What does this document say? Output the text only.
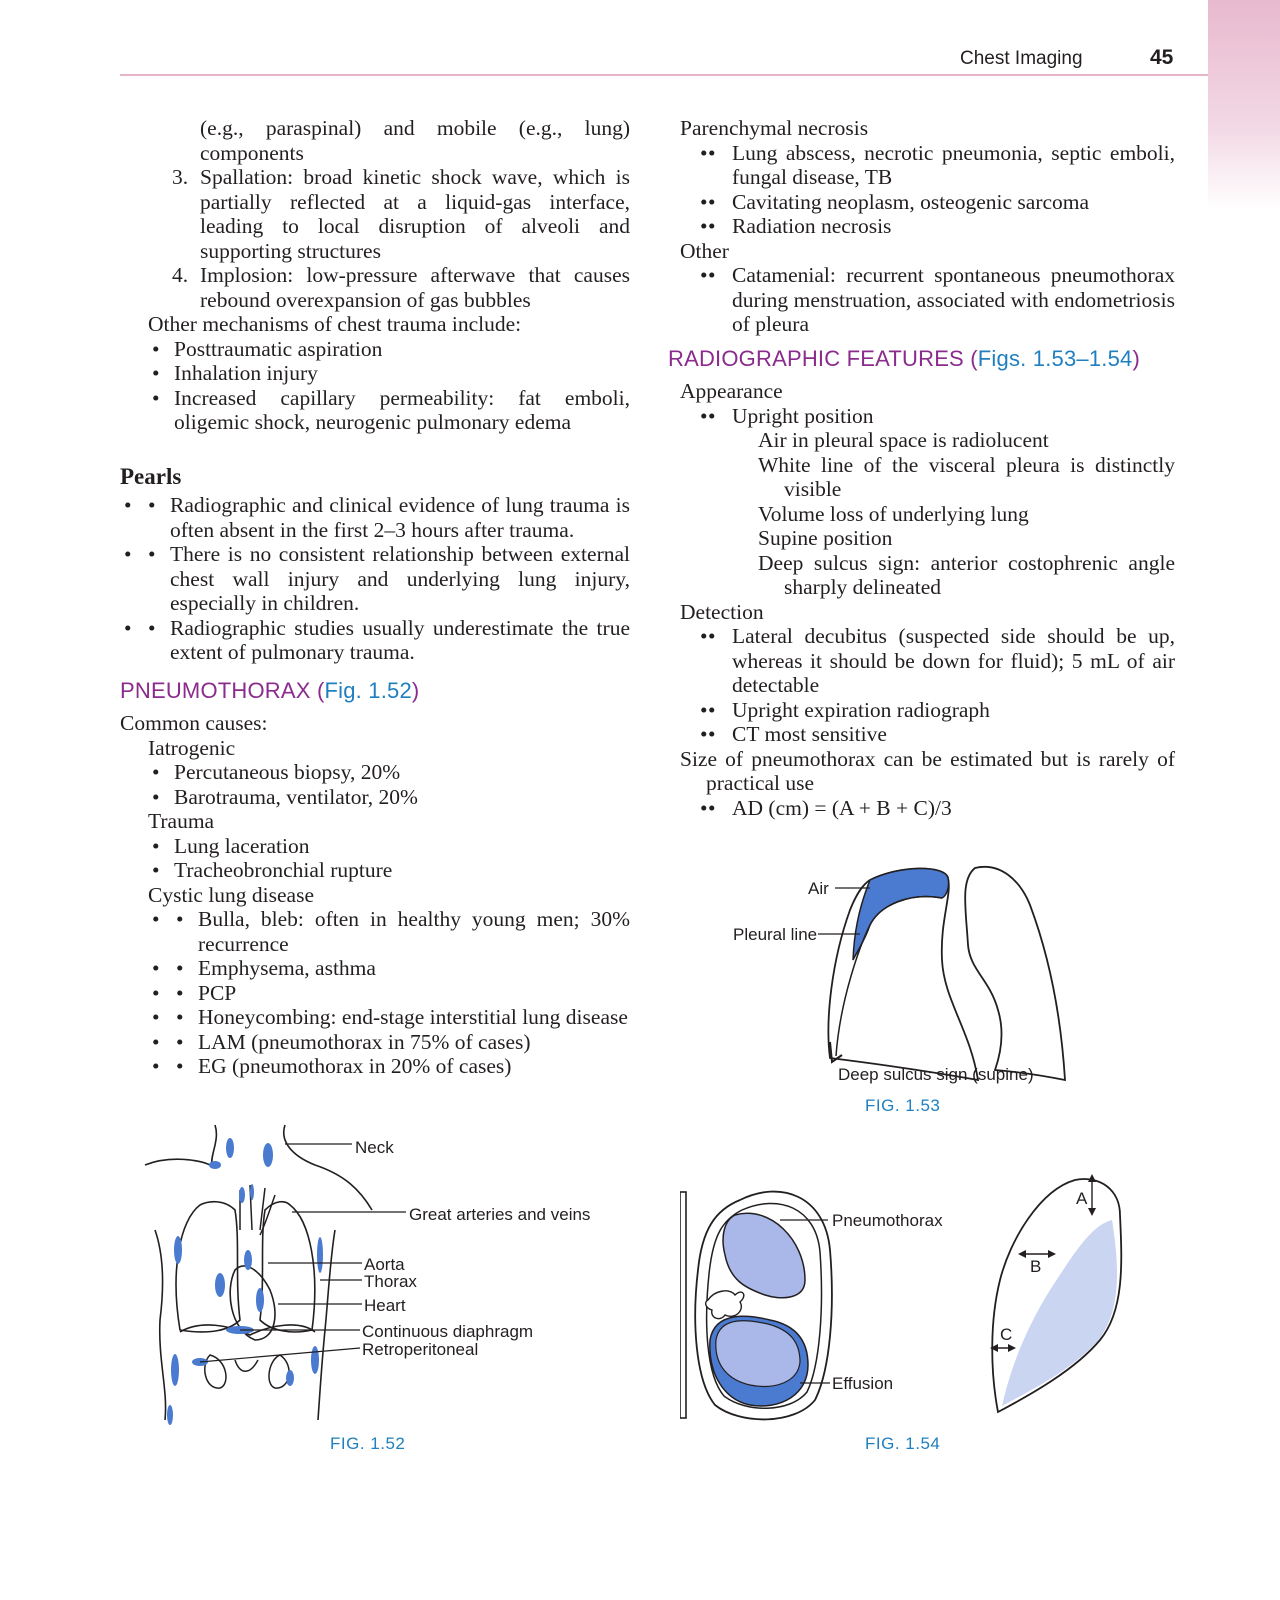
Chest Imaging	45
(e.g., paraspinal) and mobile (e.g., lung) components
3. Spallation: broad kinetic shock wave, which is partially reflected at a liquid-gas interface, leading to local disruption of alveoli and supporting structures
4. Implosion: low-pressure afterwave that causes rebound overexpansion of gas bubbles
Other mechanisms of chest trauma include:
• Posttraumatic aspiration
• Inhalation injury
• Increased capillary permeability: fat emboli, oligemic shock, neurogenic pulmonary edema
Pearls
• • Radiographic and clinical evidence of lung trauma is often absent in the first 2–3 hours after trauma.
• • There is no consistent relationship between external chest wall injury and underlying lung injury, especially in children.
• • Radiographic studies usually underestimate the true extent of pulmonary trauma.
PNEUMOTHORAX (Fig. 1.52)
Common causes:
Iatrogenic
• Percutaneous biopsy, 20%
• Barotrauma, ventilator, 20%
Trauma
• Lung laceration
• Tracheobronchial rupture
Cystic lung disease
• • Bulla, bleb: often in healthy young men; 30% recurrence
• • Emphysema, asthma
• • PCP
• • Honeycombing: end-stage interstitial lung disease
• • LAM (pneumothorax in 75% of cases)
• • EG (pneumothorax in 20% of cases)
Parenchymal necrosis
• • Lung abscess, necrotic pneumonia, septic emboli, fungal disease, TB
• • Cavitating neoplasm, osteogenic sarcoma
• • Radiation necrosis
Other
• • Catamenial: recurrent spontaneous pneumothorax during menstruation, associated with endometriosis of pleura
RADIOGRAPHIC FEATURES (Figs. 1.53–1.54)
Appearance
• • Upright position
Air in pleural space is radiolucent
White line of the visceral pleura is distinctly visible
Volume loss of underlying lung
Supine position
Deep sulcus sign: anterior costophrenic angle sharply delineated
Detection
• • Lateral decubitus (suspected side should be up, whereas it should be down for fluid); 5 mL of air detectable
• • Upright expiration radiograph
• • CT most sensitive
Size of pneumothorax can be estimated but is rarely of practical use
• • AD (cm) = (A + B + C)/3
Air
Pleural line
Deep sulcus sign (supine)
FIG. 1.53
Neck
Great arteries and veins
Aorta
Thorax
Heart
Continuous diaphragm
Retroperitoneal
FIG. 1.52
Pneumothorax
Effusion
A
B
C
FIG. 1.54
